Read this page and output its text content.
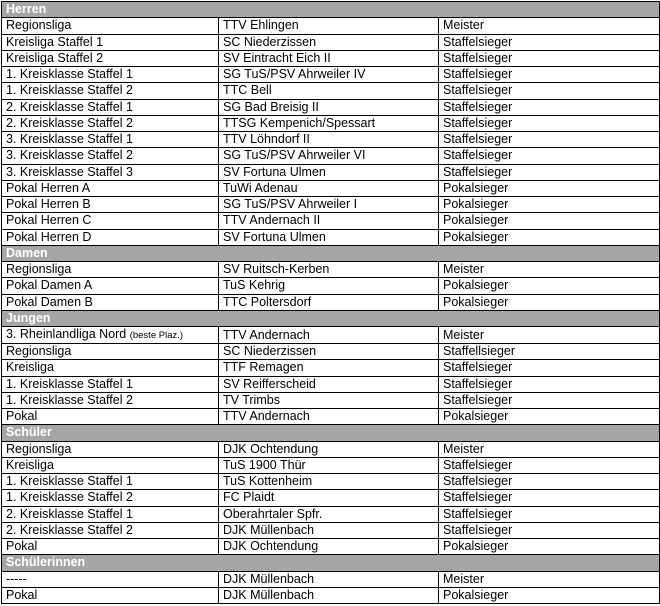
Herren		
Regionsliga	TTV Ehlingen	Meister
Kreisliga Staffel 1	SC Niederzissen	Staffelsieger
Kreisliga Staffel 2	SV Eintracht Eich II	Staffelsieger
1. Kreisklasse Staffel 1	SG TuS/PSV Ahrweiler IV	Staffelsieger
1. Kreisklasse Staffel 2	TTC Bell	Staffelsieger
2. Kreisklasse Staffel 1	SG Bad Breisig II	Staffelsieger
2. Kreisklasse Staffel 2	TTSG Kempenich/Spessart	Staffelsieger
3. Kreisklasse Staffel 1	TTV Löhndorf II	Staffelsieger
3. Kreisklasse Staffel 2	SG TuS/PSV Ahrweiler VI	Staffelsieger
3. Kreisklasse Staffel 3	SV Fortuna Ulmen	Staffelsieger
Pokal Herren A	TuWi Adenau	Pokalsieger
Pokal Herren B	SG TuS/PSV Ahrweiler I	Pokalsieger
Pokal Herren C	TTV Andernach II	Pokalsieger
Pokal Herren D	SV Fortuna Ulmen	Pokalsieger
Damen		
Regionsliga	SV Ruitsch-Kerben	Meister
Pokal Damen A	TuS Kehrig	Pokalsieger
Pokal Damen B	TTC Poltersdorf	Pokalsieger
Jungen		
3. Rheinlandliga Nord (beste Plaz.)	TTV Andernach	Meister
Regionsliga	SC Niederzissen	Staffellsieger
Kreisliga	TTF Remagen	Staffelsieger
1. Kreisklasse Staffel 1	SV Reifferscheid	Staffelsieger
1. Kreisklasse Staffel 2	TV Trimbs	Staffelsieger
Pokal	TTV Andernach	Pokalsieger
Schüler		
Regionsliga	DJK Ochtendung	Meister
Kreisliga	TuS 1900 Thür	Staffelsieger
1. Kreisklasse Staffel 1	TuS Kottenheim	Staffelsieger
1. Kreisklasse Staffel 2	FC Plaidt	Staffelsieger
2. Kreisklasse Staffel 1	Oberahrtaler Spfr.	Staffelsieger
2. Kreisklasse Staffel 2	DJK Müllenbach	Staffelsieger
Pokal	DJK Ochtendung	Pokalsieger
Schülerinnen		
-----	DJK Müllenbach	Meister
Pokal	DJK Müllenbach	Pokalsieger
